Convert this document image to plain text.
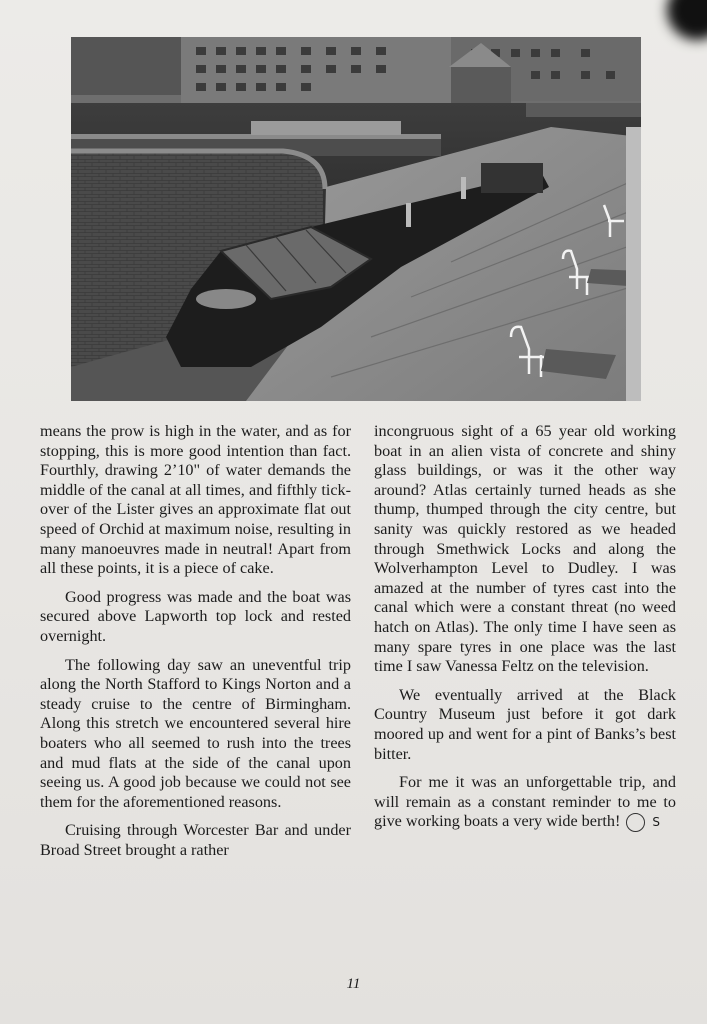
means the prow is high in the water, and as for stopping, this is more good intention than fact. Fourthly, drawing 2’10" of water demands the middle of the canal at all times, and fifthly tick-over of the Lister gives an approximate flat out speed of Orchid at maximum noise, resulting in many manoeuvres made in neutral! Apart from all these points, it is a piece of cake.

Good progress was made and the boat was secured above Lapworth top lock and rested overnight.

The following day saw an uneventful trip along the North Stafford to Kings Norton and a steady cruise to the centre of Birmingham. Along this stretch we encountered several hire boaters who all seemed to rush into the trees and mud flats at the side of the canal upon seeing us. A good job because we could not see them for the aforementioned reasons.

Cruising through Worcester Bar and under Broad Street brought a rather

incongruous sight of a 65 year old working boat in an alien vista of concrete and shiny glass buildings, or was it the other way around? Atlas certainly turned heads as she thump, thumped through the city centre, but sanity was quickly restored as we headed through Smethwick Locks and along the Wolverhampton Level to Dudley. I was amazed at the number of tyres cast into the canal which were a constant threat (no weed hatch on Atlas). The only time I have seen as many spare tyres in one place was the last time I saw Vanessa Feltz on the television.

We eventually arrived at the Black Country Museum just before it got dark moored up and went for a pint of Banks’s best bitter.

For me it was an unforgettable trip, and will remain as a constant reminder to me to give working boats a very wide berth!	S

11
